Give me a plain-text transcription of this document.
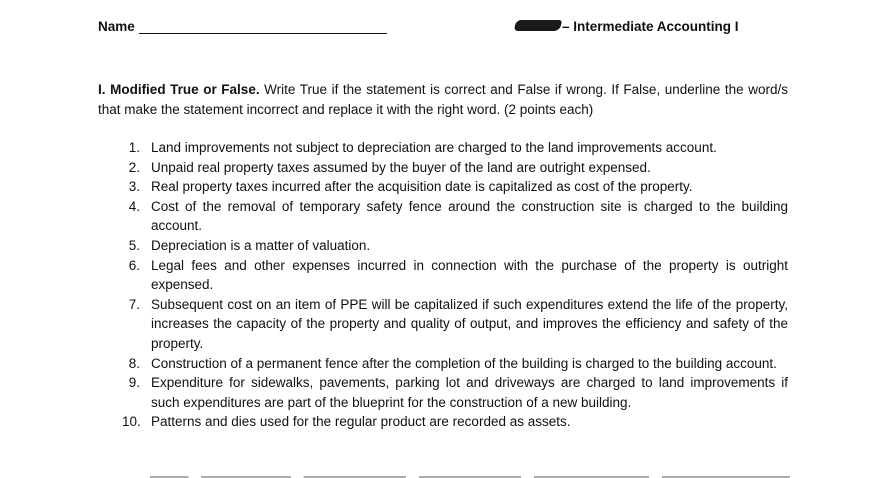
Name	– Intermediate Accounting I
I. Modified True or False. Write True if the statement is correct and False if wrong. If False, underline the word/s that make the statement incorrect and replace it with the right word. (2 points each)
1. Land improvements not subject to depreciation are charged to the land improvements account.
2. Unpaid real property taxes assumed by the buyer of the land are outright expensed.
3. Real property taxes incurred after the acquisition date is capitalized as cost of the property.
4. Cost of the removal of temporary safety fence around the construction site is charged to the building account.
5. Depreciation is a matter of valuation.
6. Legal fees and other expenses incurred in connection with the purchase of the property is outright expensed.
7. Subsequent cost on an item of PPE will be capitalized if such expenditures extend the life of the property, increases the capacity of the property and quality of output, and improves the efficiency and safety of the property.
8. Construction of a permanent fence after the completion of the building is charged to the building account.
9. Expenditure for sidewalks, pavements, parking lot and driveways are charged to land improvements if such expenditures are part of the blueprint for the construction of a new building.
10. Patterns and dies used for the regular product are recorded as assets.
